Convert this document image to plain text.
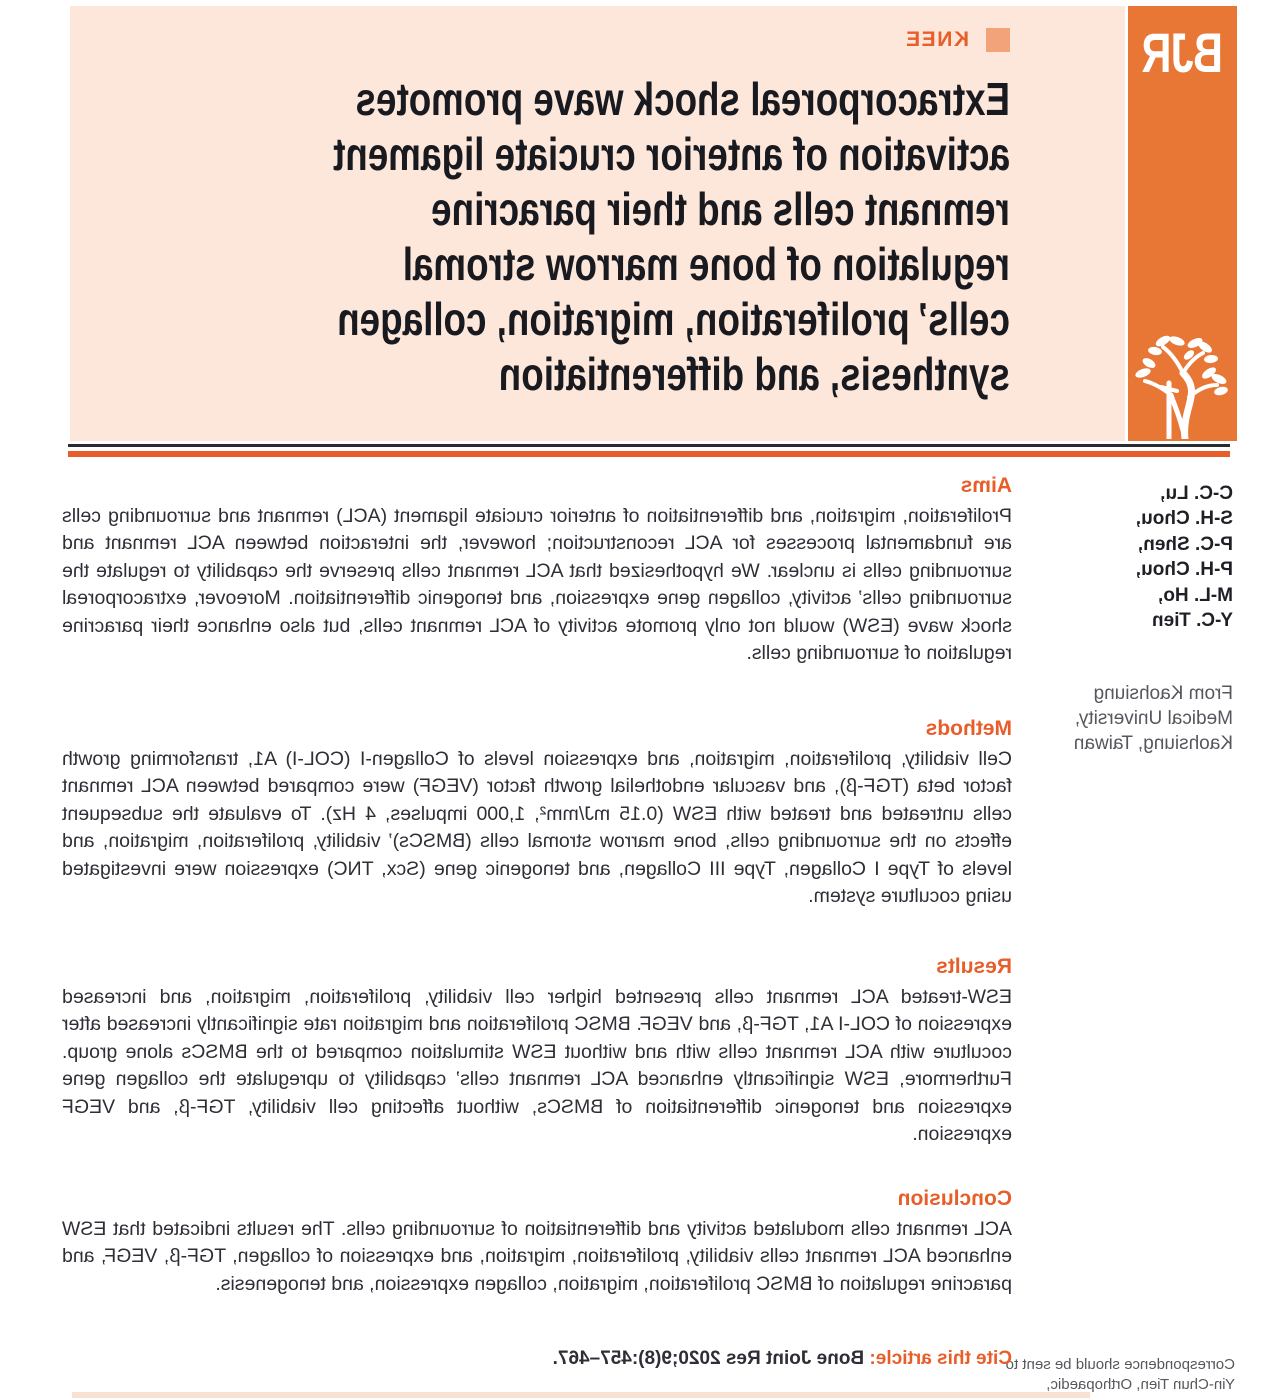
BJR
KNEE
Extracorporeal shock wave promotes
activation of anterior cruciate ligament
remnant cells and their paracrine
regulation of bone marrow stromal
cells’ proliferation, migration, collagen
synthesis, and differentiation
C-C. Lu,
S-H. Chou,
P-C. Shen,
P-H. Chou,
M-L. Ho,
Y-C. Tien
From Kaohsiung Medical University, Kaohsiung, Taiwan
Correspondence should be sent to Yin-Chun Tien, Orthopaedic,
Aims

Proliferation, migration, and differentiation of anterior cruciate ligament (ACL) remnant and surrounding cells are fundamental processes for ACL reconstruction; however, the interaction between ACL remnant and surrounding cells is unclear. We hypothesized that ACL remnant cells preserve the capability to regulate the surrounding cells’ activity, collagen gene expression, and tenogenic differentiation. Moreover, extracorporeal shock wave (ESW) would not only promote activity of ACL remnant cells, but also enhance their paracrine regulation of surrounding cells.

Methods

Cell viability, proliferation, migration, and expression levels of Collagen-I (COL-I) A1, transforming growth factor beta (TGF-β), and vascular endothelial growth factor (VEGF) were compared between ACL remnant cells untreated and treated with ESW (0.15 mJ/mm², 1,000 impulses, 4 Hz). To evaluate the subsequent effects on the surrounding cells, bone marrow stromal cells (BMSCs)’ viability, proliferation, migration, and levels of Type I Collagen, Type III Collagen, and tenogenic gene (Scx, TNC) expression were investigated using coculture system.

Results

ESW-treated ACL remnant cells presented higher cell viability, proliferation, migration, and increased expression of COL-I A1, TGF-β, and VEGF. BMSC proliferation and migration rate significantly increased after coculture with ACL remnant cells with and without ESW stimulation compared to the BMSCs alone group. Furthermore, ESW significantly enhanced ACL remnant cells’ capability to upregulate the collagen gene expression and tenogenic differentiation of BMSCs, without affecting cell viability, TGF-β, and VEGF expression.

Conclusion

ACL remnant cells modulated activity and differentiation of surrounding cells. The results indicated that ESW enhanced ACL remnant cells viability, proliferation, migration, and expression of collagen, TGF-β, VEGF, and paracrine regulation of BMSC proliferation, migration, collagen expression, and tenogenesis.

Cite this article: Bone Joint Res 2020;9(8):457–467.
